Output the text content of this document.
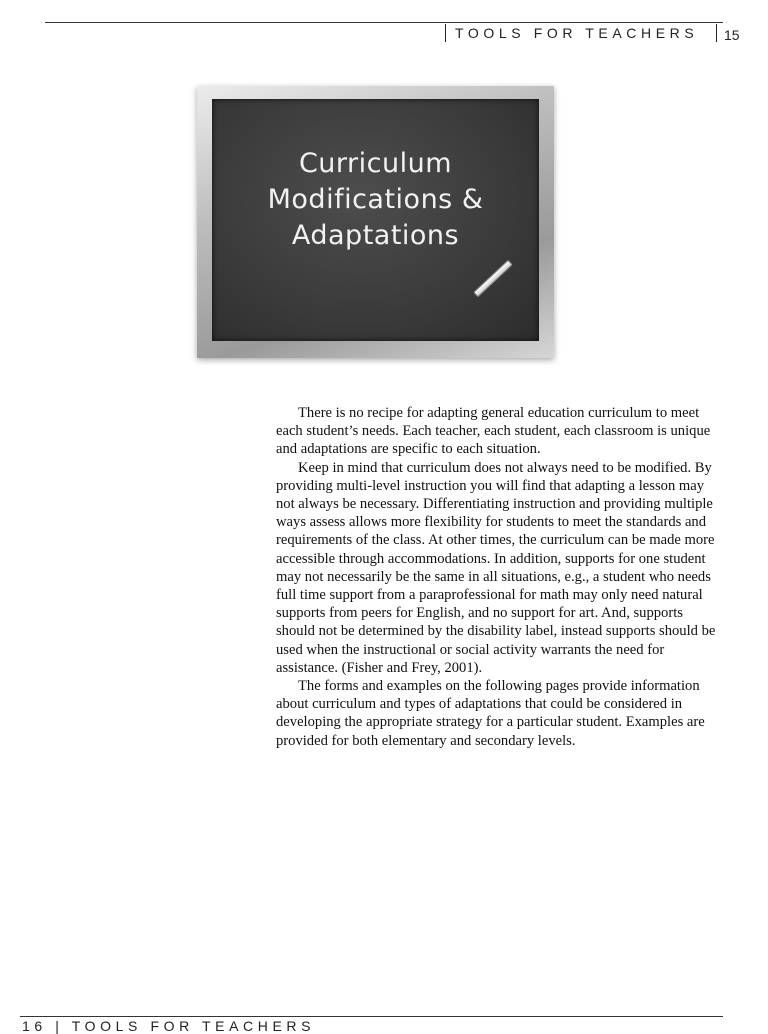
TOOLS FOR TEACHERS 15
Curriculum
Modifications &
Adaptations

There is no recipe for adapting general education curriculum to meet each student’s needs. Each teacher, each student, each classroom is unique and adaptations are specific to each situation.

Keep in mind that curriculum does not always need to be modified. By providing multi-level instruction you will find that adapting a lesson may not always be necessary. Differentiating instruction and providing multiple ways assess allows more flexibility for students to meet the standards and requirements of the class. At other times, the curriculum can be made more accessible through accommodations. In addition, supports for one student may not necessarily be the same in all situations, e.g., a student who needs full time support from a paraprofessional for math may only need natural supports from peers for English, and no support for art. And, supports should not be determined by the disability label, instead supports should be used when the instructional or social activity warrants the need for assistance. (Fisher and Frey, 2001).

The forms and examples on the following pages provide information about curriculum and types of adaptations that could be considered in developing the appropriate strategy for a particular student. Examples are provided for both elementary and secondary levels.

16 | TOOLS FOR TEACHERS
